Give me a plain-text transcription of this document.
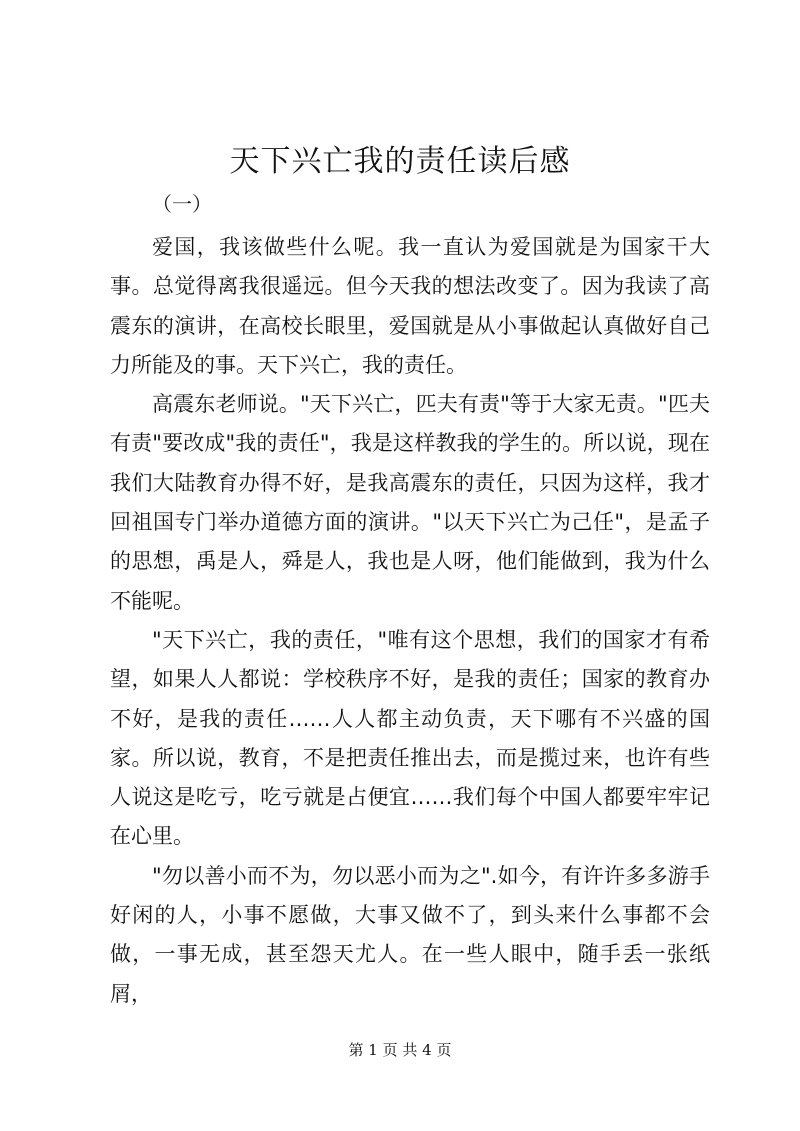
天下兴亡我的责任读后感

（一）

爱国，我该做些什么呢。我一直认为爱国就是为国家干大事。总觉得离我很遥远。但今天我的想法改变了。因为我读了高震东的演讲，在高校长眼里，爱国就是从小事做起认真做好自己力所能及的事。天下兴亡，我的责任。

高震东老师说。"天下兴亡，匹夫有责"等于大家无责。"匹夫有责"要改成"我的责任"，我是这样教我的学生的。所以说，现在我们大陆教育办得不好，是我高震东的责任，只因为这样，我才回祖国专门举办道德方面的演讲。"以天下兴亡为己任"，是孟子的思想，禹是人，舜是人，我也是人呀，他们能做到，我为什么不能呢。

"天下兴亡，我的责任，"唯有这个思想，我们的国家才有希望，如果人人都说：学校秩序不好，是我的责任；国家的教育办不好，是我的责任……人人都主动负责，天下哪有不兴盛的国家。所以说，教育，不是把责任推出去，而是揽过来，也许有些人说这是吃亏，吃亏就是占便宜……我们每个中国人都要牢牢记在心里。

"勿以善小而不为，勿以恶小而为之".如今，有许许多多游手好闲的人，小事不愿做，大事又做不了，到头来什么事都不会做，一事无成，甚至怨天尤人。在一些人眼中，随手丢一张纸屑，

第 1 页 共 4 页
